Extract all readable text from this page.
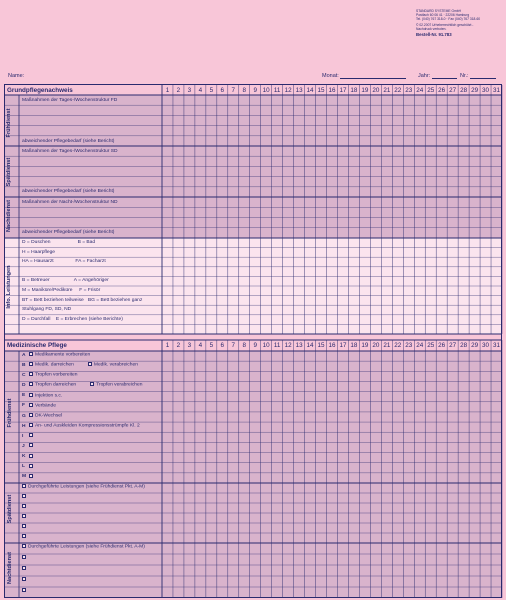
STANDARD SYSTEME GmbH
Postfach 60 06 41 · 22206 Hamburg
Tel. (040) 767 318-0 · Fax (040) 767 318-60
© 02.2007 Urheberrechtlich geschützt -
Nachdruck verboten.
Bestell-Nr. 91.783
Name:	Monat:	Jahr:	Nr.:
Grundpflegenachweis	1	2	3	4	5	6	7	8	9 10 11 12 13 14 15 16 17 18 19 20 21 22 23 24 25 26 27 28 29 30 31
Frühdienst
Spätdienst
Nachtdienst
Info. Leistungen
Maßnahmen der Tages-/Wochenstruktur FD
abweichender Pflegebedarf (siehe Bericht)
Maßnahmen der Tages-/Wochenstruktur SD
abweichender Pflegebedarf (siehe Bericht)
Maßnahmen der Nacht-/Wochenstruktur ND
abweichender Pflegebedarf (siehe Bericht)
D = Duschen                    B = Bad
H = Haarpflege
HA = Hausarzt                FA = Facharzt
B = Betreuer                  A = Angehöriger
M = Maniküre/Pediküre     F = Frisör
BT = Bett beziehen teilweise   BG = Bett beziehen ganz
Stuhlgang FD, SD, ND
D = Durchfall    E = Erbrechen (siehe Berichte)
Medizinische Pflege	1	2	3	4	5	6	7	8	9 10 11 12 13 14 15 16 17 18 19 20 21 22 23 24 25 26 27 28 29 30 31
Frühdienst
Spätdienst
Nachtdienst
A Medikamente vorbereiten
B Medik. darreichen	Medik. verabreichen
C Tropfen vorbereiten
D Tropfen darreichen	Tropfen verabreichen
E Injektion s.c.
F Verbände
G DK-Wechsel
H An- und Auskleiden Kompressionsstrümpfe Kl. 2
I
J
K
L
M
Durchgeführte Leistungen (siehe Frühdienst Pkt. A-M)
Durchgeführte Leistungen (siehe Frühdienst Pkt. A-M)
